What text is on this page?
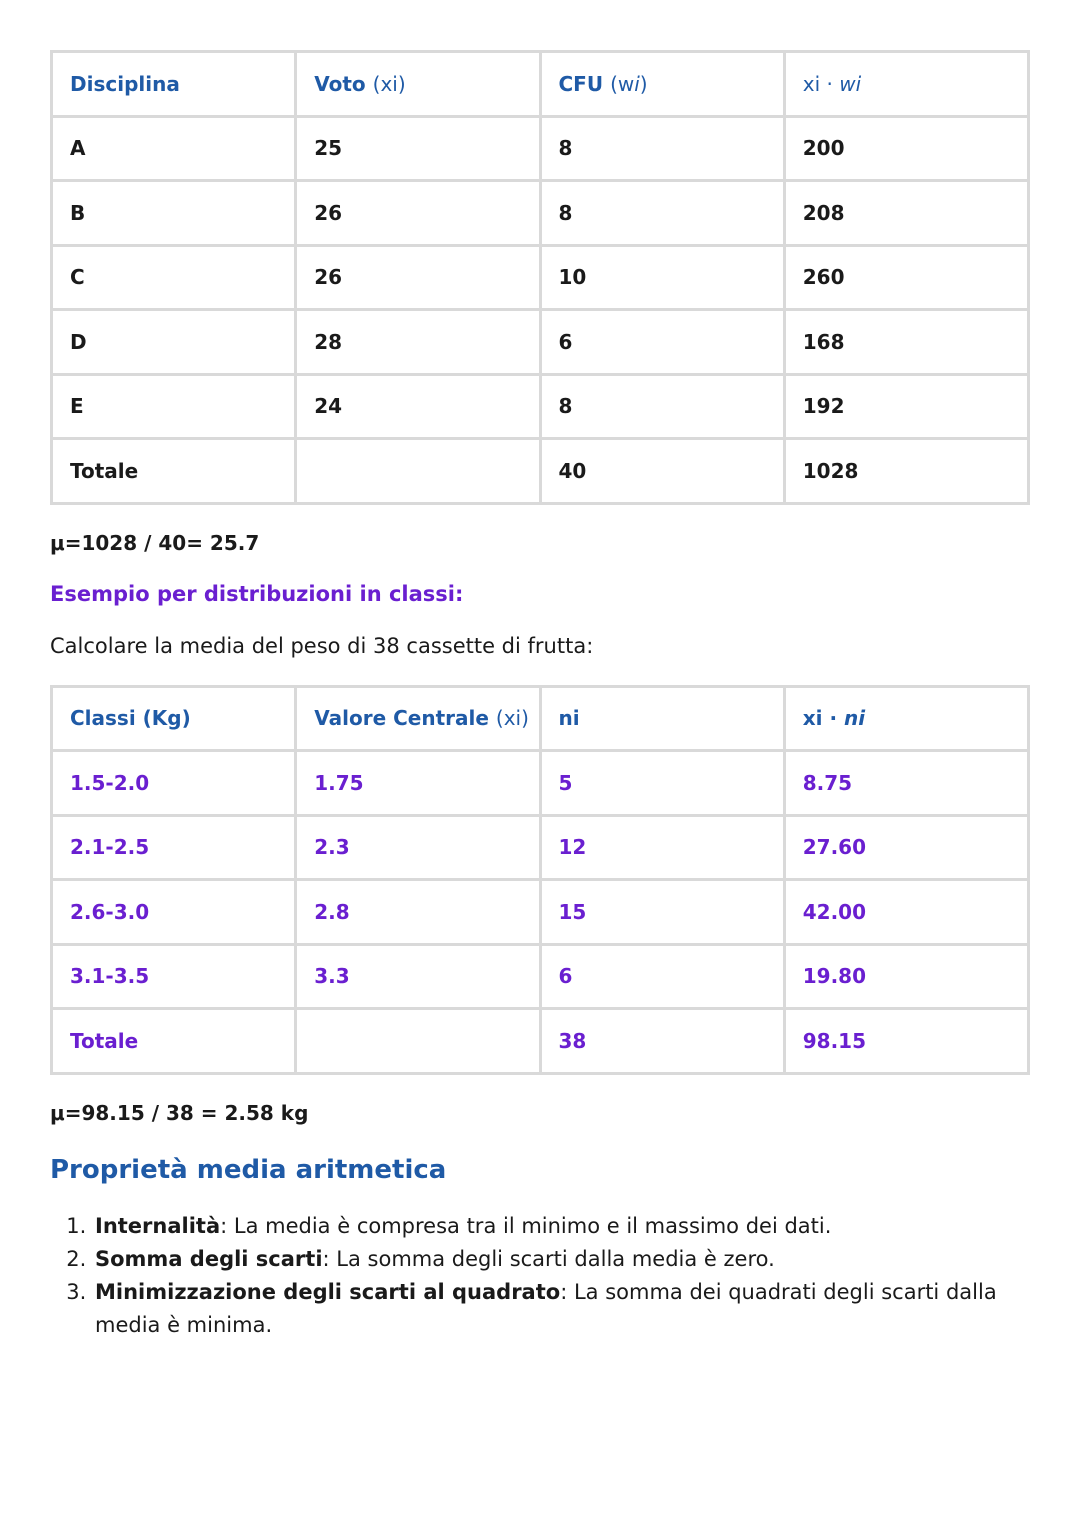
Disciplina	Voto (xi)	CFU (wi)	xi · wi
A	25	8	200
B	26	8	208
C	26	10	260
D	28	6	168
E	24	8	192
Totale		40	1028

μ=1028 / 40= 25.7

Esempio per distribuzioni in classi:

Calcolare la media del peso di 38 cassette di frutta:

Classi (Kg)	Valore Centrale (xi)	ni	xi · ni
1.5-2.0	1.75	5	8.75
2.1-2.5	2.3	12	27.60
2.6-3.0	2.8	15	42.00
3.1-3.5	3.3	6	19.80
Totale		38	98.15

μ=98.15 / 38 = 2.58 kg

Proprietà media aritmetica
1. Internalità: La media è compresa tra il minimo e il massimo dei dati.
2. Somma degli scarti: La somma degli scarti dalla media è zero.
3. Minimizzazione degli scarti al quadrato: La somma dei quadrati degli scarti dalla media è minima.
